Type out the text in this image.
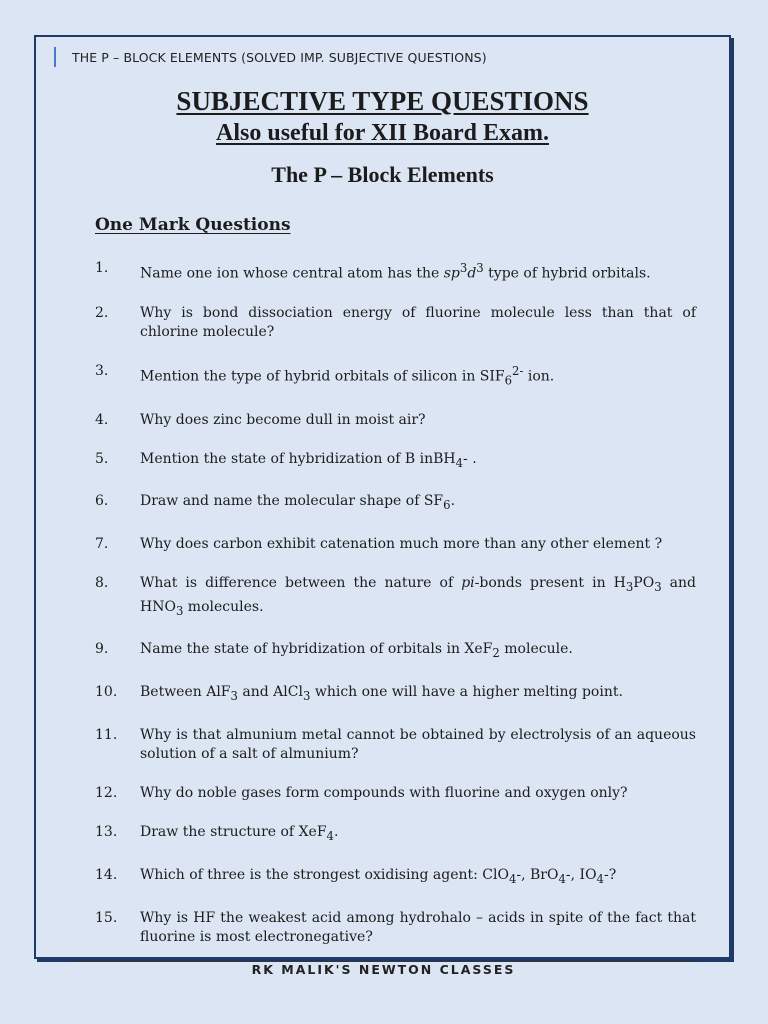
THE P – BLOCK ELEMENTS (SOLVED IMP. SUBJECTIVE QUESTIONS)
SUBJECTIVE TYPE QUESTIONS
Also useful for XII Board Exam.
The P – Block Elements
One Mark Questions
1.	Name one ion whose central atom has the $sp^3d^3$ type of hybrid orbitals.
2.	Why is bond dissociation energy of fluorine molecule less than that of chlorine molecule?
3.	Mention the type of hybrid orbitals of silicon in $SIF_6^{2-}$ ion.
4.	Why does zinc become dull in moist air?
5.	Mention the state of hybridization of B inBH$_4$- .
6.	Draw and name the molecular shape of $SF_6$.
7.	Why does carbon exhibit catenation much more than any other element ?
8.	What is difference between the nature of pi-bonds present in $H_3PO_3$ and $HNO_3$ molecules.
9.	Name the state of hybridization of orbitals in XeF$_2$ molecule.
10.	Between AlF$_3$ and AlCl$_3$ which one will have a higher melting point.
11.	Why is that almunium metal cannot be obtained by electrolysis of an aqueous solution of a salt of almunium?
12.	Why do noble gases form compounds with fluorine and oxygen only?
13.	Draw the structure of XeF$_4$.
14.	Which of three is the strongest oxidising agent: ClO$_4$-, BrO$_4$-, $IO_4-$?
15.	Why is HF the weakest acid among hydrohalo – acids in spite of the fact that fluorine is most electronegative?
RK MALIK'S NEWTON CLASSES
